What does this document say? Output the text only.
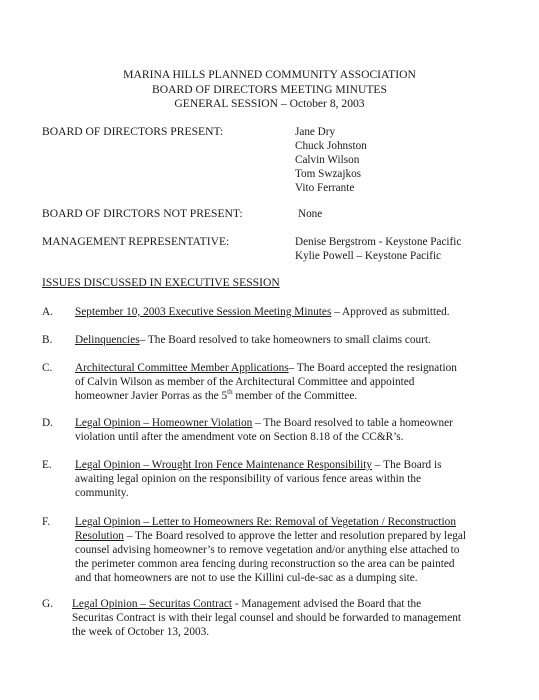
MARINA HILLS PLANNED COMMUNITY ASSOCIATION
BOARD OF DIRECTORS MEETING MINUTES
GENERAL SESSION – October 8, 2003
BOARD OF DIRECTORS PRESENT:	Jane Dry
Chuck Johnston
Calvin Wilson
Tom Swzajkos
Vito Ferrante
BOARD OF DIRCTORS NOT PRESENT:	None
MANAGEMENT REPRESENTATIVE:	Denise Bergstrom - Keystone Pacific
Kylie Powell – Keystone Pacific
ISSUES DISCUSSED IN EXECUTIVE SESSION
A. September 10, 2003 Executive Session Meeting Minutes – Approved as submitted.
B. Delinquencies– The Board resolved to take homeowners to small claims court.
C. Architectural Committee Member Applications– The Board accepted the resignation
of Calvin Wilson as member of the Architectural Committee and appointed
homeowner Javier Porras as the 5th member of the Committee.
D. Legal Opinion – Homeowner Violation – The Board resolved to table a homeowner
violation until after the amendment vote on Section 8.18 of the CC&R’s.
E. Legal Opinion – Wrought Iron Fence Maintenance Responsibility – The Board is
awaiting legal opinion on the responsibility of various fence areas within the
community.
F. Legal Opinion – Letter to Homeowners Re: Removal of Vegetation / Reconstruction
Resolution – The Board resolved to approve the letter and resolution prepared by legal
counsel advising homeowner’s to remove vegetation and/or anything else attached to
the perimeter common area fencing during reconstruction so the area can be painted
and that homeowners are not to use the Killini cul-de-sac as a dumping site.
G. Legal Opinion – Securitas Contract - Management advised the Board that the
Securitas Contract is with their legal counsel and should be forwarded to management
the week of October 13, 2003.
